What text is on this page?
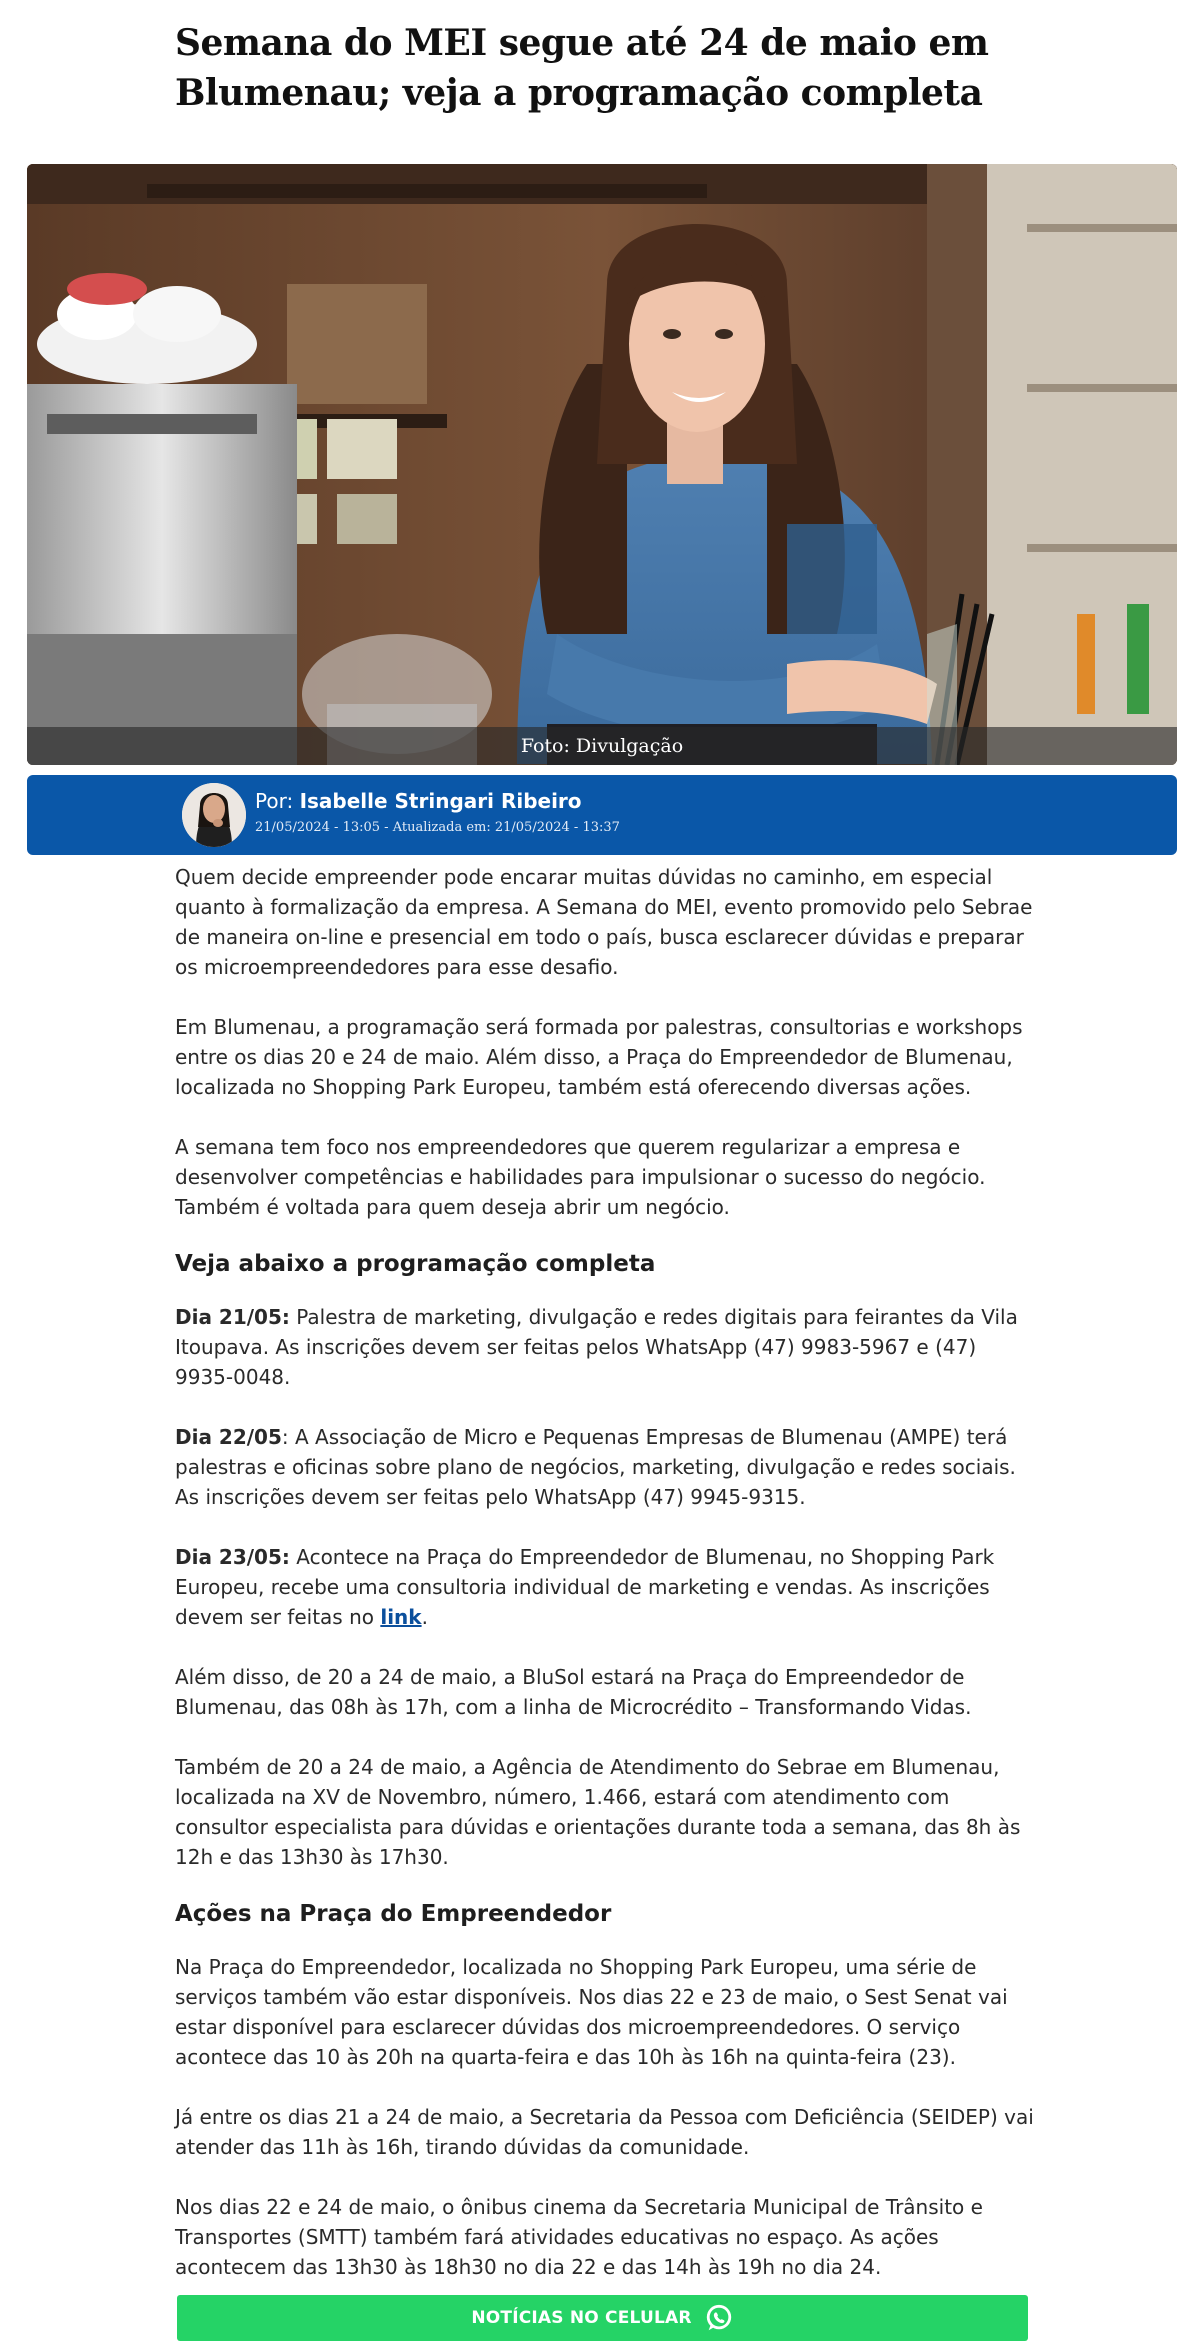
Semana do MEI segue até 24 de maio em Blumenau; veja a programação completa
Foto: Divulgação
Por: Isabelle Stringari Ribeiro
21/05/2024 - 13:05 - Atualizada em: 21/05/2024 - 13:37

Quem decide empreender pode encarar muitas dúvidas no caminho, em especial quanto à formalização da empresa. A Semana do MEI, evento promovido pelo Sebrae de maneira on-line e presencial em todo o país, busca esclarecer dúvidas e preparar os microempreendedores para esse desafio.

Em Blumenau, a programação será formada por palestras, consultorias e workshops entre os dias 20 e 24 de maio. Além disso, a Praça do Empreendedor de Blumenau, localizada no Shopping Park Europeu, também está oferecendo diversas ações.

A semana tem foco nos empreendedores que querem regularizar a empresa e desenvolver competências e habilidades para impulsionar o sucesso do negócio. Também é voltada para quem deseja abrir um negócio.

Veja abaixo a programação completa

Dia 21/05: Palestra de marketing, divulgação e redes digitais para feirantes da Vila Itoupava. As inscrições devem ser feitas pelos WhatsApp (47) 9983-5967 e (47) 9935-0048.

Dia 22/05: A Associação de Micro e Pequenas Empresas de Blumenau (AMPE) terá palestras e oficinas sobre plano de negócios, marketing, divulgação e redes sociais. As inscrições devem ser feitas pelo WhatsApp (47) 9945-9315.

Dia 23/05: Acontece na Praça do Empreendedor de Blumenau, no Shopping Park Europeu, recebe uma consultoria individual de marketing e vendas. As inscrições devem ser feitas no link.

Além disso, de 20 a 24 de maio, a BluSol estará na Praça do Empreendedor de Blumenau, das 08h às 17h, com a linha de Microcrédito – Transformando Vidas.

Também de 20 a 24 de maio, a Agência de Atendimento do Sebrae em Blumenau, localizada na XV de Novembro, número, 1.466, estará com atendimento com consultor especialista para dúvidas e orientações durante toda a semana, das 8h às 12h e das 13h30 às 17h30.

Ações na Praça do Empreendedor

Na Praça do Empreendedor, localizada no Shopping Park Europeu, uma série de serviços também vão estar disponíveis. Nos dias 22 e 23 de maio, o Sest Senat vai estar disponível para esclarecer dúvidas dos microempreendedores. O serviço acontece das 10 às 20h na quarta-feira e das 10h às 16h na quinta-feira (23).

Já entre os dias 21 a 24 de maio, a Secretaria da Pessoa com Deficiência (SEIDEP) vai atender das 11h às 16h, tirando dúvidas da comunidade.

Nos dias 22 e 24 de maio, o ônibus cinema da Secretaria Municipal de Trânsito e Transportes (SMTT) também fará atividades educativas no espaço. As ações acontecem das 13h30 às 18h30 no dia 22 e das 14h às 19h no dia 24.

NOTÍCIAS NO CELULAR
